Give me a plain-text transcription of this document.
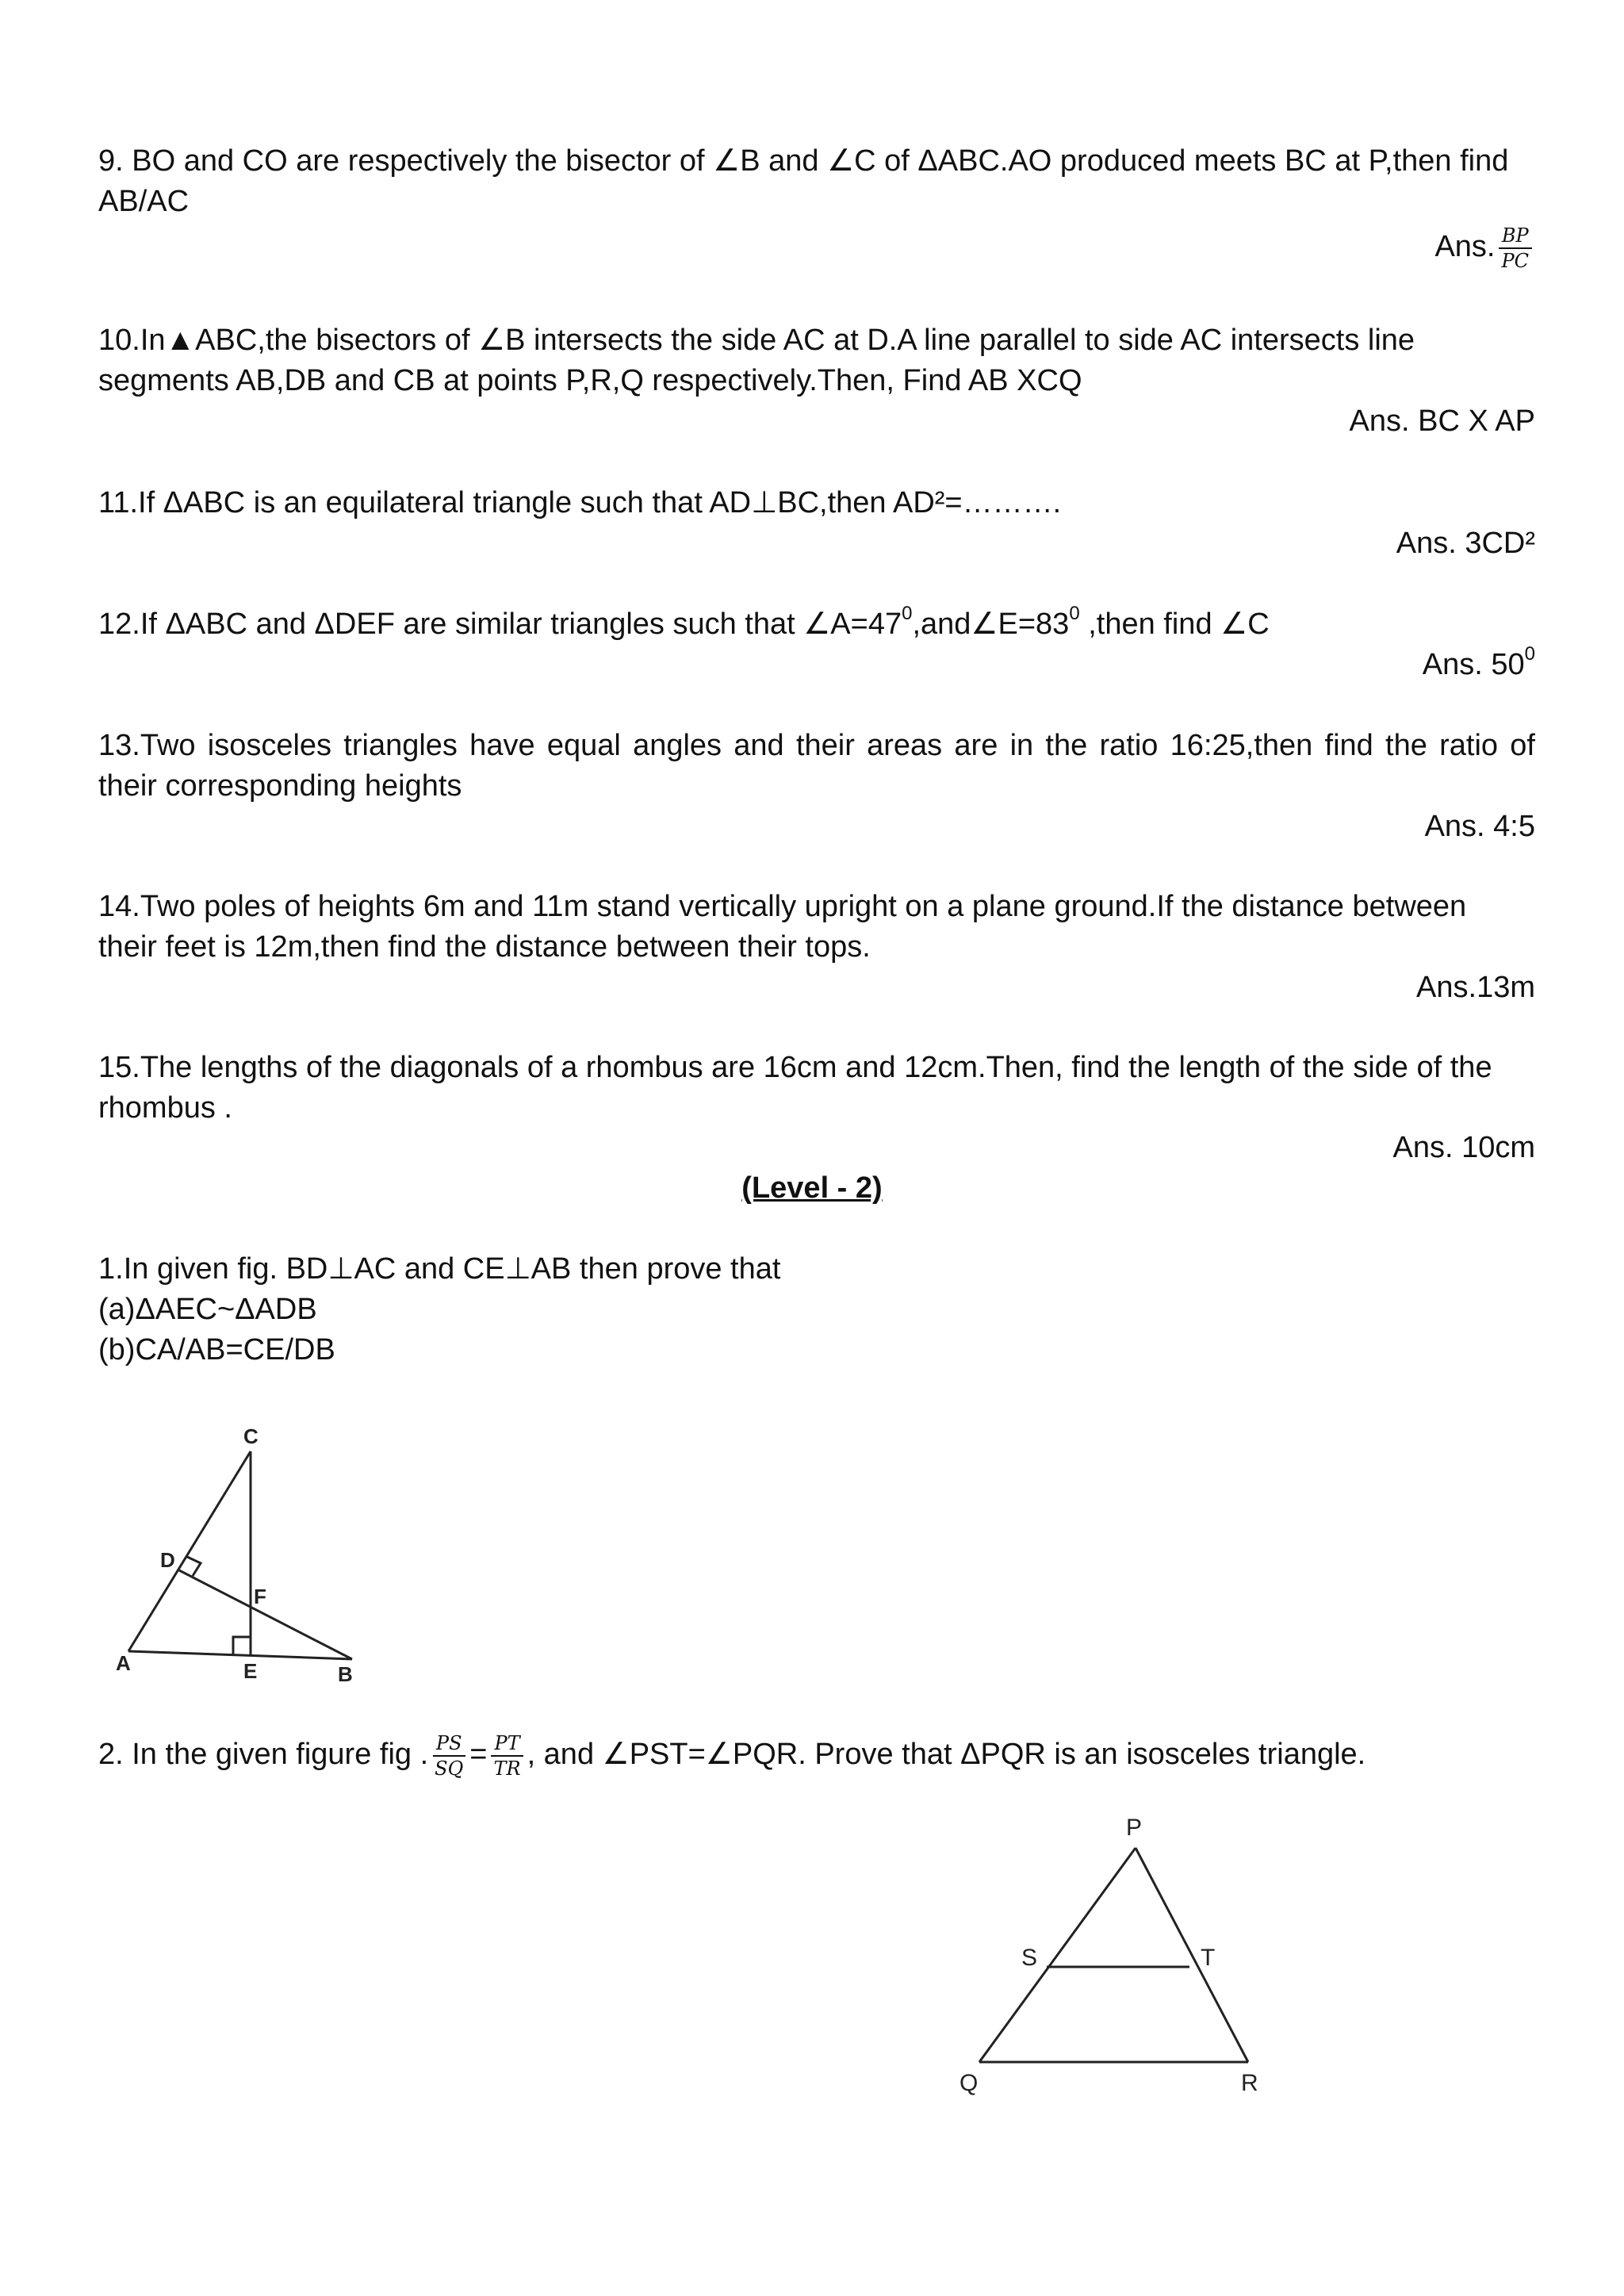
9. BO and CO are respectively the bisector of ∠B and ∠C of ΔABC.AO produced meets BC at P,then find
AB/AC
Ans. $\frac{BP}{PC}$
10.In▲ABC,the bisectors of ∠B intersects the side AC at D.A line parallel to side AC intersects line
segments AB,DB and CB at points P,R,Q respectively.Then, Find AB XCQ
Ans. BC X AP
11.If ΔABC is an equilateral triangle such that AD⊥BC,then AD²=……….
Ans. 3CD²
12.If ΔABC and ΔDEF are similar triangles such that $\angle A=47^0,and\angle E=83^0$ ,then find ∠C
Ans. $50^0$
13.Two isosceles triangles have equal angles and their areas are in the ratio 16:25,then find the ratio of
their corresponding heights
Ans. 4:5
14.Two poles of heights 6m and 11m stand vertically upright on a plane ground.If the distance between
their feet is 12m,then find the distance between their tops.
Ans.13m
15.The lengths of the diagonals of a rhombus are 16cm and 12cm.Then, find the length of the side of the
rhombus .
Ans. 10cm
(Level - 2)
1.In given fig. BD⊥AC and CE⊥AB then prove that
(a)ΔAEC~ΔADB
(b)CA/AB=CE/DB
C
D
F
A	E	B
2. In the given figure fig . $\frac{PS}{SQ} = \frac{PT}{TR}$ , and ∠PST=∠PQR. Prove that ΔPQR is an isosceles triangle.
P
S	T
Q	R
